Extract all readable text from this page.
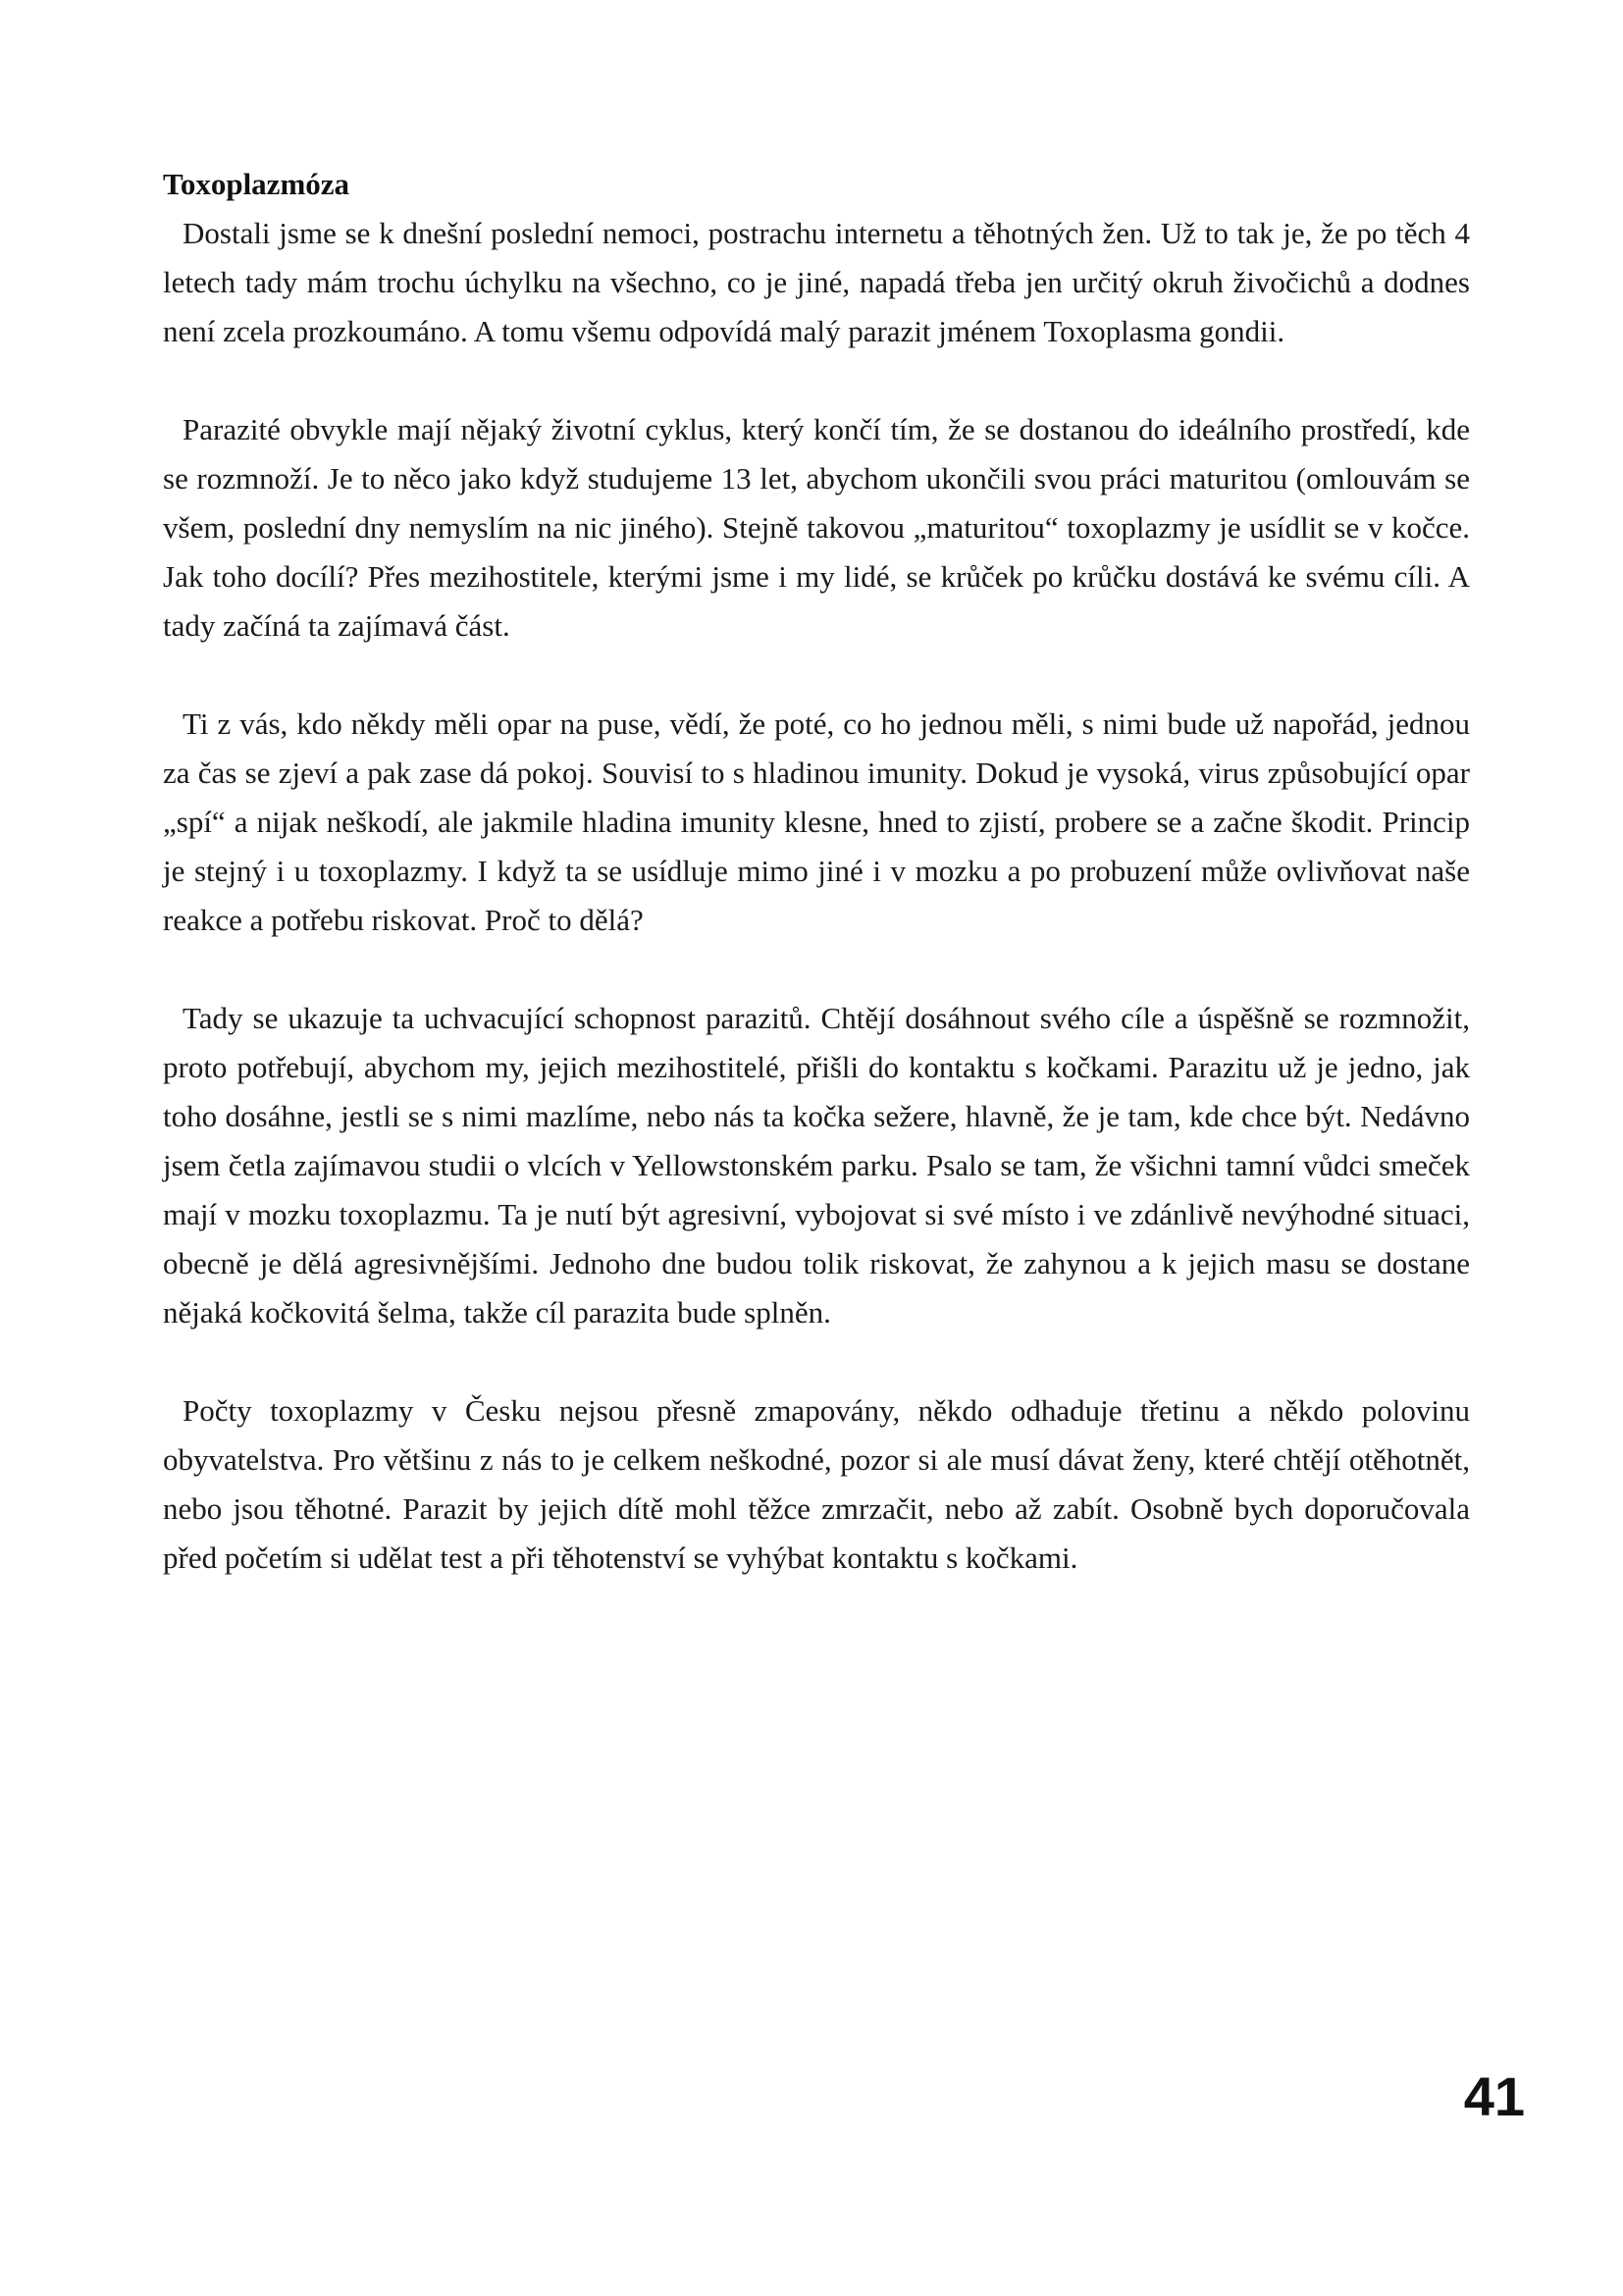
Toxoplazmóza

Dostali jsme se k dnešní poslední nemoci, postrachu internetu a těhotných žen. Už to tak je, že po těch 4 letech tady mám trochu úchylku na všechno, co je jiné, napadá třeba jen určitý okruh živočichů a dodnes není zcela prozkoumáno. A tomu všemu odpovídá malý parazit jménem Toxoplasma gondii.

Parazité obvykle mají nějaký životní cyklus, který končí tím, že se dostanou do ideálního prostředí, kde se rozmnoží. Je to něco jako když studujeme 13 let, abychom ukončili svou práci maturitou (omlouvám se všem, poslední dny nemyslím na nic jiného). Stejně takovou „maturitou“ toxoplazmy je usídlit se v kočce. Jak toho docílí? Přes mezihostitele, kterými jsme i my lidé, se krůček po krůčku dostává ke svému cíli. A tady začíná ta zajímavá část.

Ti z vás, kdo někdy měli opar na puse, vědí, že poté, co ho jednou měli, s nimi bude už napořád, jednou za čas se zjeví a pak zase dá pokoj. Souvisí to s hladinou imunity. Dokud je vysoká, virus způsobující opar „spí“ a nijak neškodí, ale jakmile hladina imunity klesne, hned to zjistí, probere se a začne škodit. Princip je stejný i u toxoplazmy. I když ta se usídluje mimo jiné i v mozku a po probuzení může ovlivňovat naše reakce a potřebu riskovat. Proč to dělá?

Tady se ukazuje ta uchvacující schopnost parazitů. Chtějí dosáhnout svého cíle a úspěšně se rozmnožit, proto potřebují, abychom my, jejich mezihostitelé, přišli do kontaktu s kočkami. Parazitu už je jedno, jak toho dosáhne, jestli se s nimi mazlíme, nebo nás ta kočka sežere, hlavně, že je tam, kde chce být. Nedávno jsem četla zajímavou studii o vlcích v Yellowstonském parku. Psalo se tam, že všichni tamní vůdci smeček mají v mozku toxoplazmu. Ta je nutí být agresivní, vybojovat si své místo i ve zdánlivě nevýhodné situaci, obecně je dělá agresivnějšími. Jednoho dne budou tolik riskovat, že zahynou a k jejich masu se dostane nějaká kočkovitá šelma, takže cíl parazita bude splněn.

Počty toxoplazmy v Česku nejsou přesně zmapovány, někdo odhaduje třetinu a někdo polovinu obyvatelstva. Pro většinu z nás to je celkem neškodné, pozor si ale musí dávat ženy, které chtějí otěhotnět, nebo jsou těhotné. Parazit by jejich dítě mohl těžce zmrzačit, nebo až zabít. Osobně bych doporučovala před početím si udělat test a při těhotenství se vyhýbat kontaktu s kočkami.

41
